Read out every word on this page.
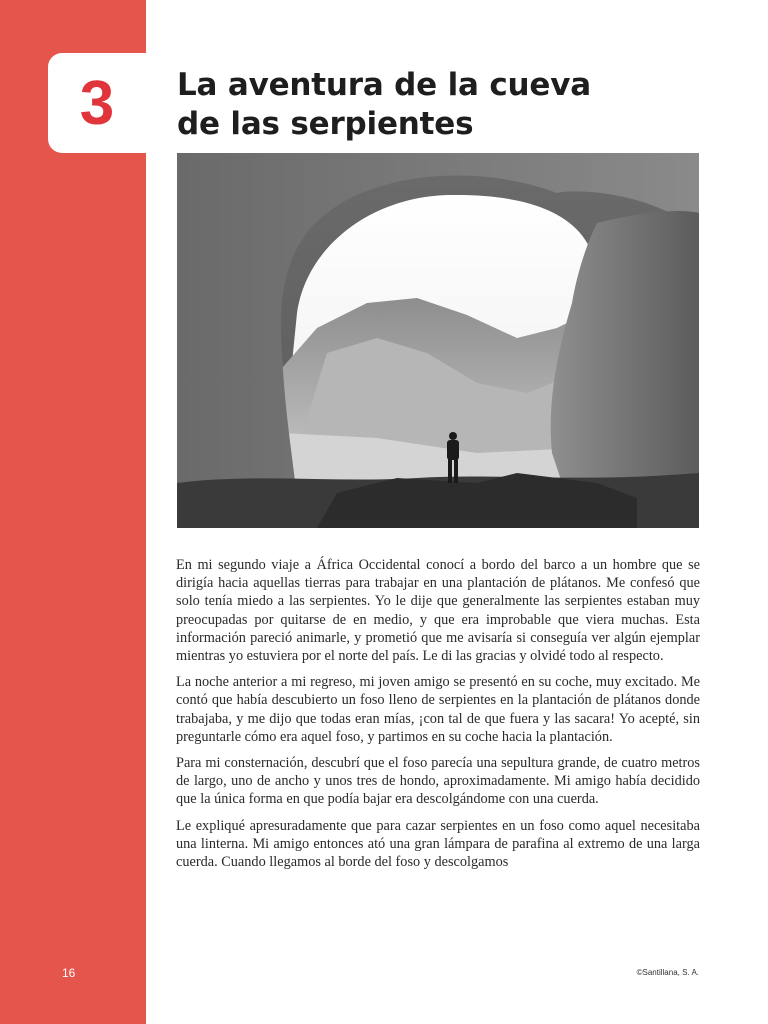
3	La aventura de la cueva
de las serpientes

En mi segundo viaje a África Occidental conocí a bordo del barco a un hombre que se dirigía hacia aquellas tierras para trabajar en una plantación de plátanos. Me confesó que solo tenía miedo a las serpientes. Yo le dije que generalmente las serpientes estaban muy preocupadas por quitarse de en medio, y que era improbable que viera muchas. Esta información pareció animarle, y prometió que me avisaría si conseguía ver algún ejemplar mientras yo estuviera por el norte del país. Le di las gracias y olvidé todo al respecto.

La noche anterior a mi regreso, mi joven amigo se presentó en su coche, muy excitado. Me contó que había descubierto un foso lleno de serpientes en la plantación de plátanos donde trabajaba, y me dijo que todas eran mías, ¡con tal de que fuera y las sacara! Yo acepté, sin preguntarle cómo era aquel foso, y partimos en su coche hacia la plantación.

Para mi consternación, descubrí que el foso parecía una sepultura grande, de cuatro metros de largo, uno de ancho y unos tres de hondo, aproximadamente. Mi amigo había decidido que la única forma en que podía bajar era descolgándome con una cuerda.

Le expliqué apresuradamente que para cazar serpientes en un foso como aquel necesitaba una linterna. Mi amigo entonces ató una gran lámpara de parafina al extremo de una larga cuerda. Cuando llegamos al borde del foso y descolgamos

16	©Santillana, S. A.
